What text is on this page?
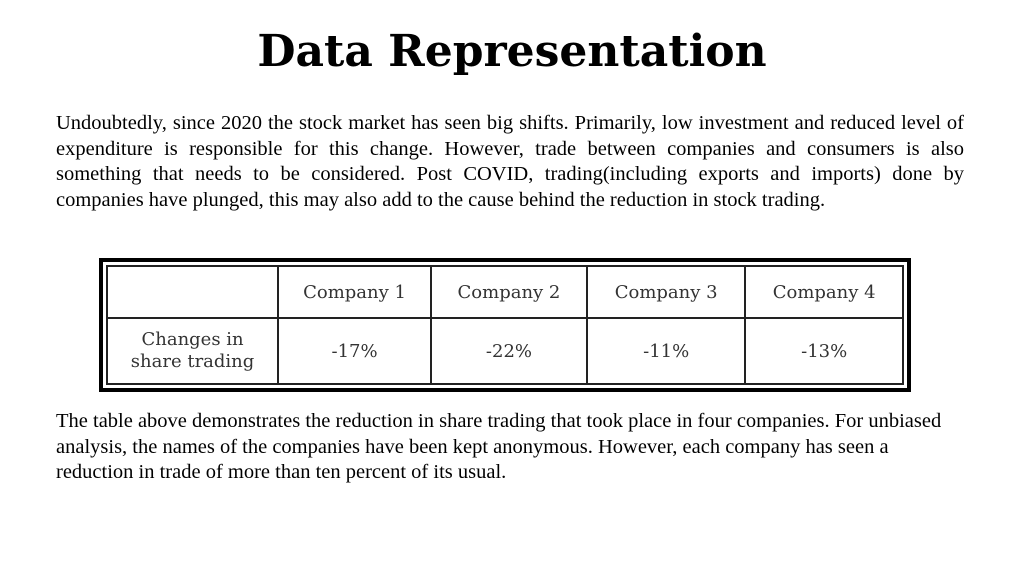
Data Representation

Undoubtedly, since 2020 the stock market has seen big shifts. Primarily, low investment and reduced level of expenditure is responsible for this change. However, trade between companies and consumers is also something that needs to be considered. Post COVID, trading(including exports and imports) done by companies have plunged, this may also add to the cause behind the reduction in stock trading.

	Company 1	Company 2	Company 3	Company 4
Changes in
share trading	-17%	-22%	-11%	-13%

The table above demonstrates the reduction in share trading that took place in four companies. For unbiased analysis, the names of the companies have been kept anonymous. However, each company has seen a reduction in trade of more than ten percent of its usual.
